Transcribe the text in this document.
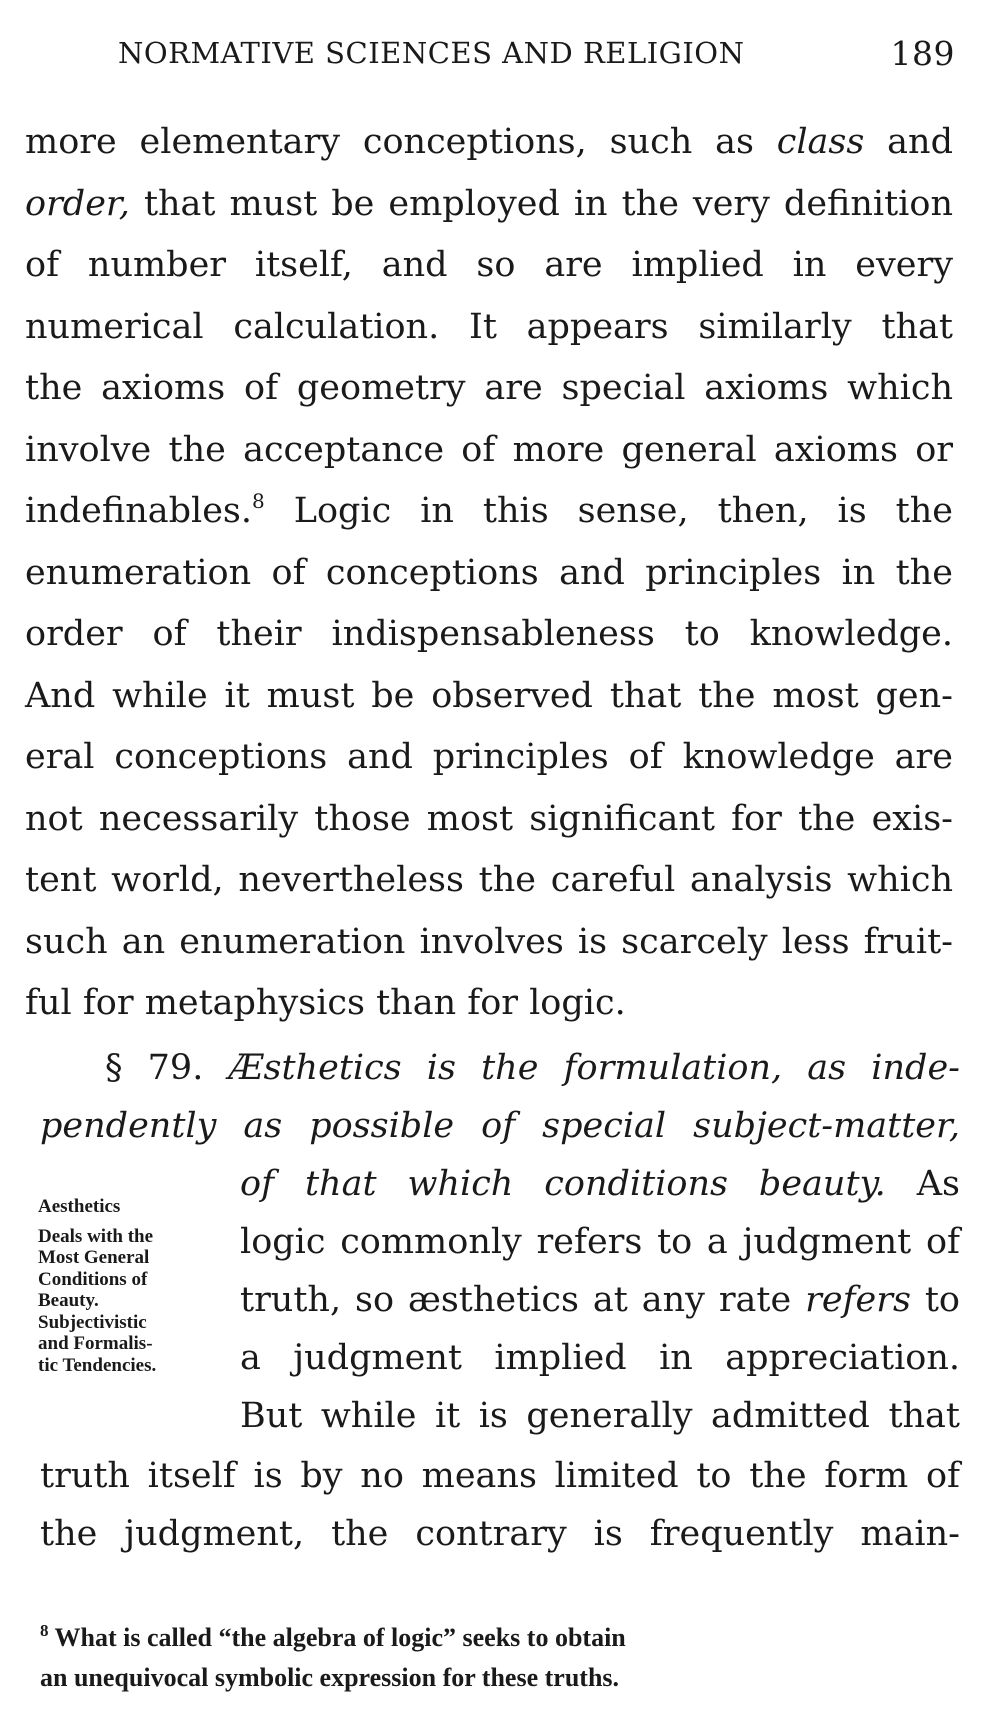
NORMATIVE SCIENCES AND RELIGION	189
more elementary conceptions, such as class and
order, that must be employed in the very definition
of number itself, and so are implied in every
numerical calculation. It appears similarly that
the axioms of geometry are special axioms which
involve the acceptance of more general axioms or
indefinables.$^8$ Logic in this sense, then, is the
enumeration of conceptions and principles in the
order of their indispensableness to knowledge.
And while it must be observed that the most gen-
eral conceptions and principles of knowledge are
not necessarily those most significant for the exis-
tent world, nevertheless the careful analysis which
such an enumeration involves is scarcely less fruit-
ful for metaphysics than for logic.
§ 79. Æsthetics is the formulation, as inde-
pendently as possible of special subject-matter,
of that which conditions beauty. As
logic commonly refers to a judgment of
truth, so æsthetics at any rate refers to
a judgment implied in appreciation.
But while it is generally admitted that
truth itself is by no means limited to the form of
the judgment, the contrary is frequently main-
Aesthetics
Deals with the
Most General
Conditions of
Beauty.
Subjectivistic
and Formalis-
tic Tendencies.
$^8$ What is called “the algebra of logic” seeks to obtain
an unequivocal symbolic expression for these truths.
